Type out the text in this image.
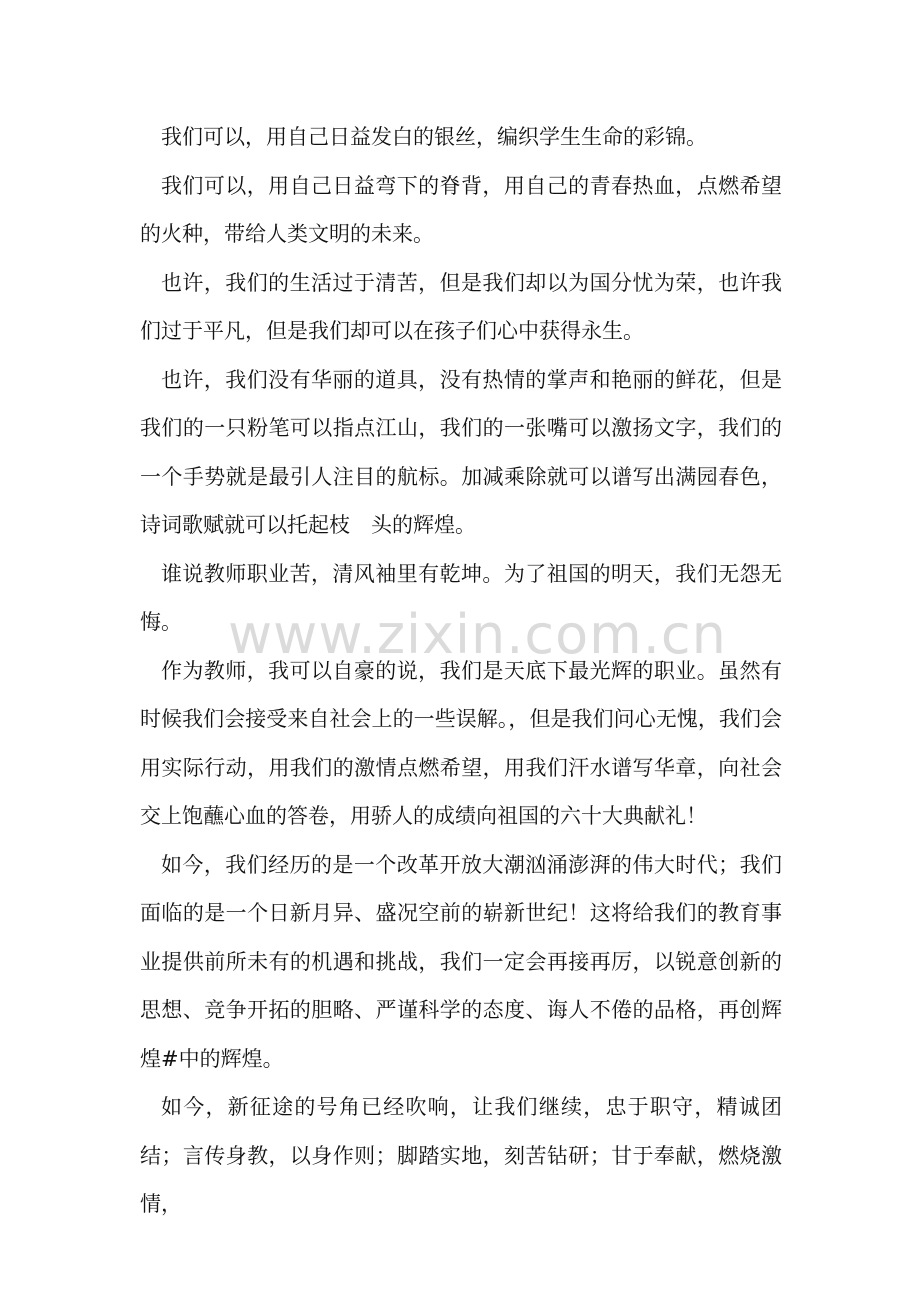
我们可以，用自己日益发白的银丝，编织学生生命的彩锦。

我们可以，用自己日益弯下的脊背，用自己的青春热血，点燃希望的火种，带给人类文明的未来。

也许，我们的生活过于清苦，但是我们却以为国分忧为荣，也许我们过于平凡，但是我们却可以在孩子们心中获得永生。

也许，我们没有华丽的道具，没有热情的掌声和艳丽的鲜花，但是我们的一只粉笔可以指点江山，我们的一张嘴可以激扬文字，我们的一个手势就是最引人注目的航标。加减乘除就可以谱写出满园春色，诗词歌赋就可以托起枝　头的辉煌。

谁说教师职业苦，清风袖里有乾坤。为了祖国的明天，我们无怨无悔。

作为教师，我可以自豪的说，我们是天底下最光辉的职业。虽然有时候我们会接受来自社会上的一些误解。，但是我们问心无愧，我们会用实际行动，用我们的激情点燃希望，用我们汗水谱写华章，向社会交上饱蘸心血的答卷，用骄人的成绩向祖国的六十大典献礼！

如今，我们经历的是一个改革开放大潮汹涌澎湃的伟大时代；我们面临的是一个日新月异、盛况空前的崭新世纪！这将给我们的教育事业提供前所未有的机遇和挑战，我们一定会再接再厉，以锐意创新的思想、竞争开拓的胆略、严谨科学的态度、诲人不倦的品格，再创辉煌#中的辉煌。

如今，新征途的号角已经吹响，让我们继续，忠于职守，精诚团结；言传身教，以身作则；脚踏实地，刻苦钻研；甘于奉献，燃烧激情，

www.zixin.com.cn
